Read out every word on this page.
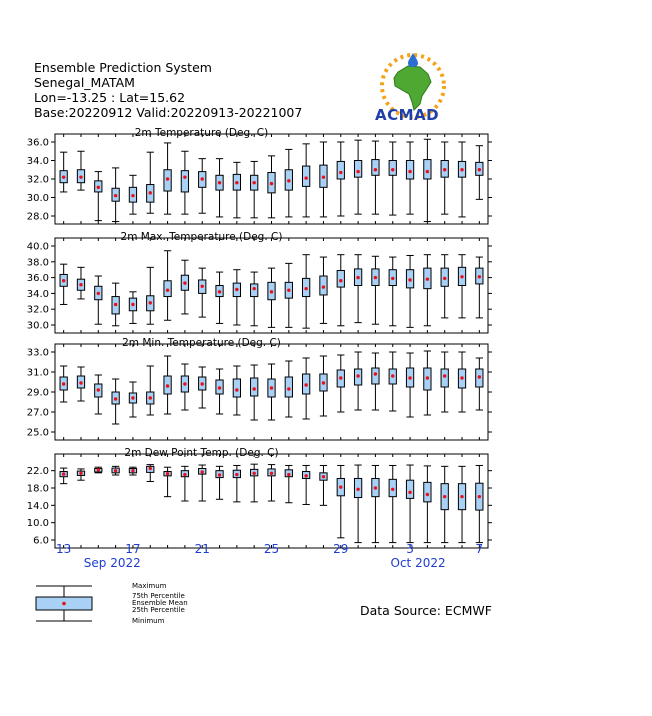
Ensemble Prediction System
Senegal_MATAM
Lon=-13.25 : Lat=15.62
Base:20220912 Valid:20220913-20221007	ACMAD
2m Temperature (Deg. C)
28.0
30.0
32.0
34.0
36.0
2m Max. Temperature (Deg. C)
30.0
32.0
34.0
36.0
38.0
40.0
2m Min. Temperature (Deg. C)
25.0
27.0
29.0
31.0
33.0
2m Dew Point Temp. (Deg. C)
6.0
10.0
14.0
18.0
22.0
13	17	21	25	29	3	7
Sep 2022	Oct 2022
Maximum
75th Percentile
Ensemble Mean
25th Percentile
Minimum
Data Source: ECMWF
